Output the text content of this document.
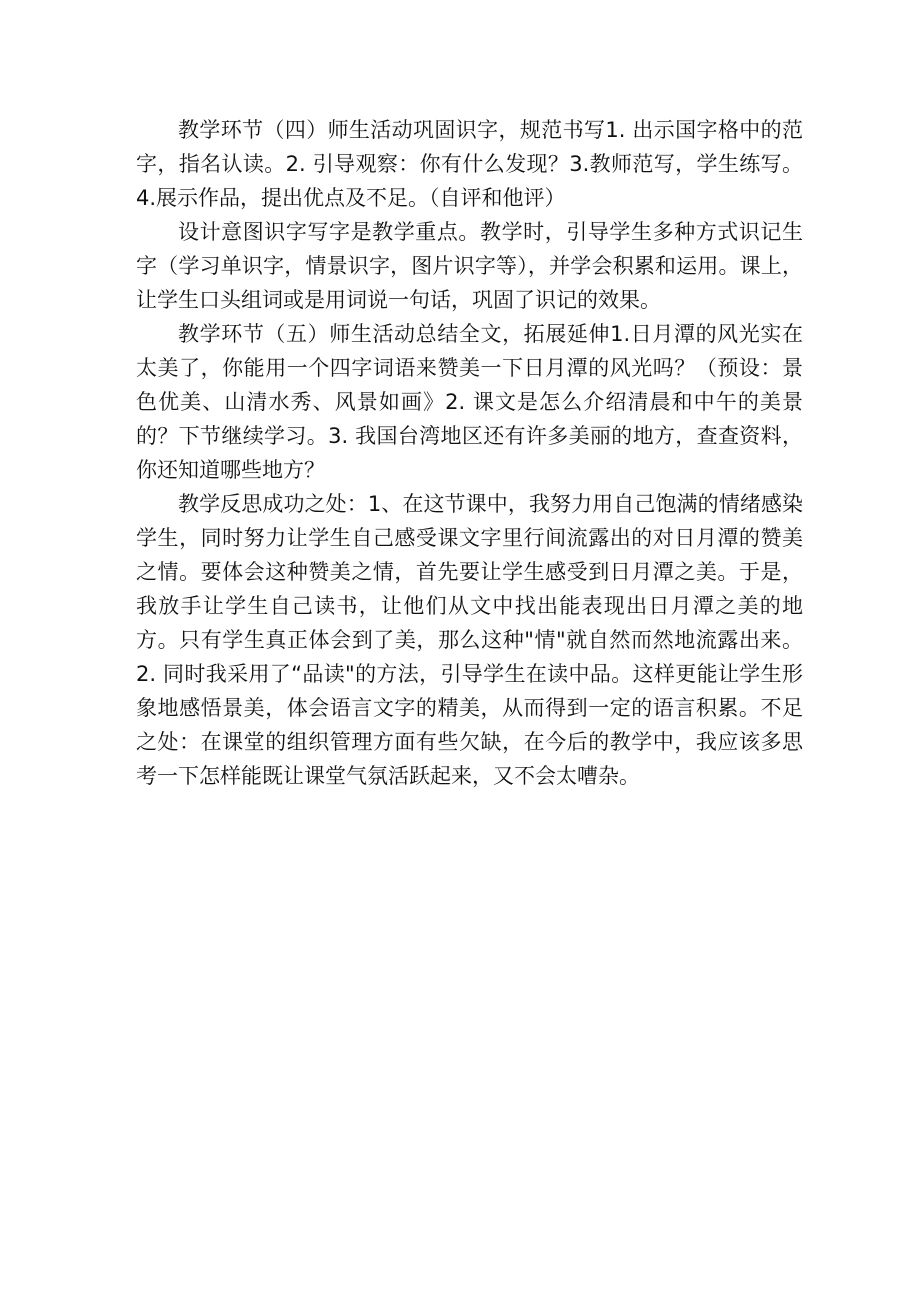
教学环节（四）师生活动巩固识字，规范书写1. 出示国字格中的范字，指名认读。2. 引导观察：你有什么发现？3.教师范写，学生练写。4.展示作品，提出优点及不足。（自评和他评）

设计意图识字写字是教学重点。教学时，引导学生多种方式识记生字（学习单识字，情景识字，图片识字等），并学会积累和运用。课上，让学生口头组词或是用词说一句话，巩固了识记的效果。

教学环节（五）师生活动总结全文，拓展延伸1.日月潭的风光实在太美了，你能用一个四字词语来赞美一下日月潭的风光吗？（预设：景色优美、山清水秀、风景如画》2. 课文是怎么介绍清晨和中午的美景的？下节继续学习。3. 我国台湾地区还有许多美丽的地方，查查资料，你还知道哪些地方？

教学反思成功之处：1、在这节课中，我努力用自己饱满的情绪感染学生，同时努力让学生自己感受课文字里行间流露出的对日月潭的赞美之情。要体会这种赞美之情，首先要让学生感受到日月潭之美。于是，我放手让学生自己读书，让他们从文中找出能表现出日月潭之美的地方。只有学生真正体会到了美，那么这种"情"就自然而然地流露出来。2. 同时我采用了“品读"的方法，引导学生在读中品。这样更能让学生形象地感悟景美，体会语言文字的精美，从而得到一定的语言积累。不足之处：在课堂的组织管理方面有些欠缺，在今后的教学中，我应该多思考一下怎样能既让课堂气氛活跃起来，又不会太嘈杂。
